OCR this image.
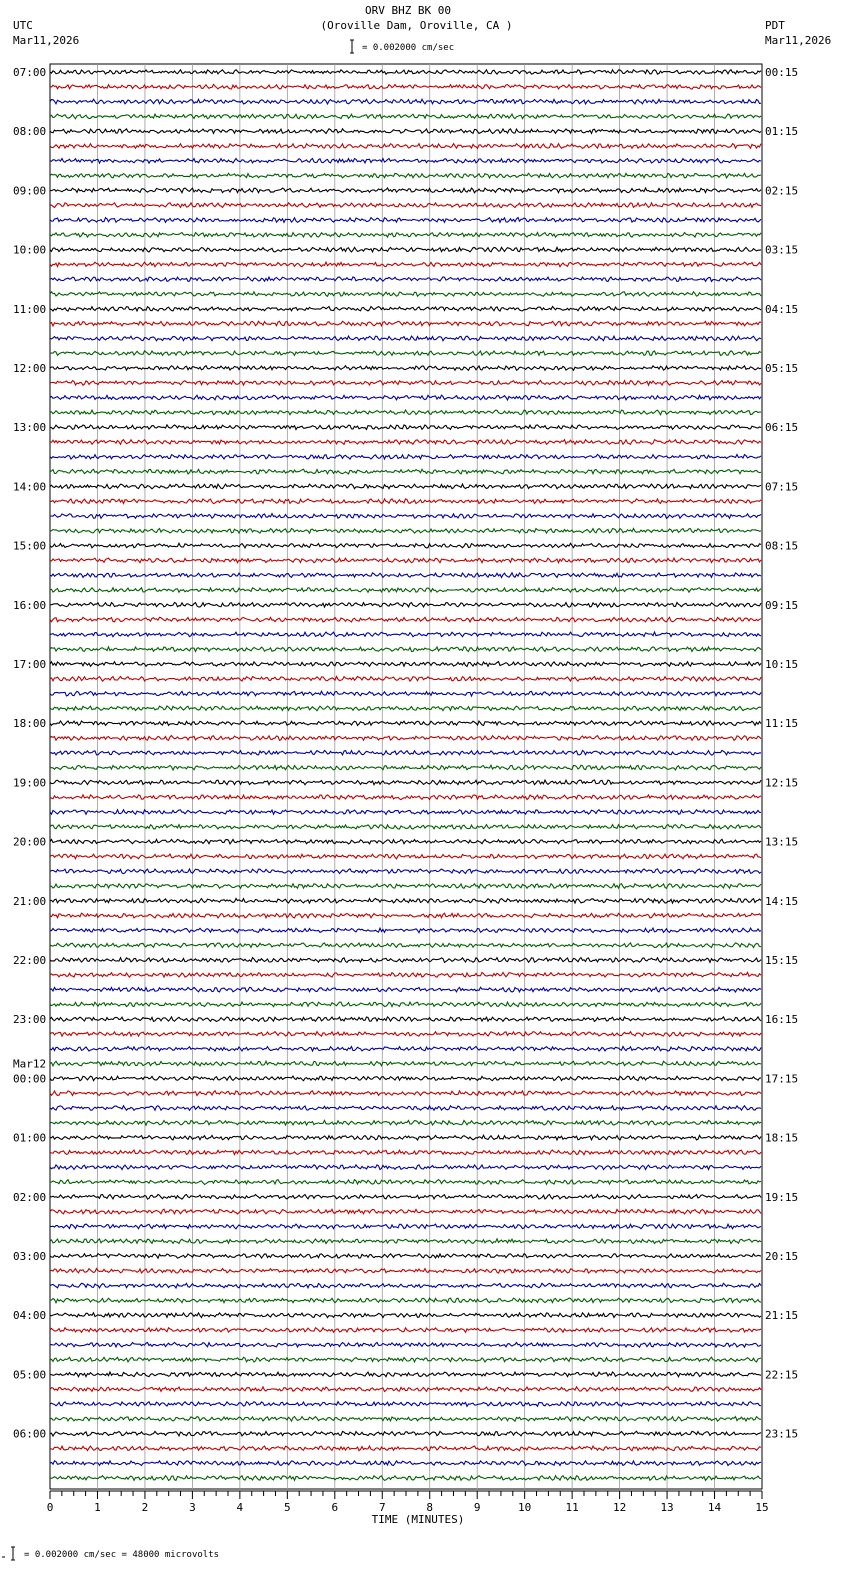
ORV BHZ BK 00
(Oroville Dam, Oroville, CA )
UTC
Mar11,2026
PDT
Mar11,2026
= 0.002000 cm/sec
= 0.002000 cm/sec = 48000 microvolts
07:00
08:00
09:00
10:00
11:00
12:00
13:00
14:00
15:00
16:00
17:00
18:00
19:00
20:00
21:00
22:00
23:00
00:00
Mar12
01:00
02:00
03:00
04:00
05:00
06:00
00:15
01:15
02:15
03:15
04:15
05:15
06:15
07:15
08:15
09:15
10:15
11:15
12:15
13:15
14:15
15:15
16:15
17:15
18:15
19:15
20:15
21:15
22:15
23:15
0	1	2	3	4	5	6	7	8	9	10	11	12	13	14	15
TIME (MINUTES)
